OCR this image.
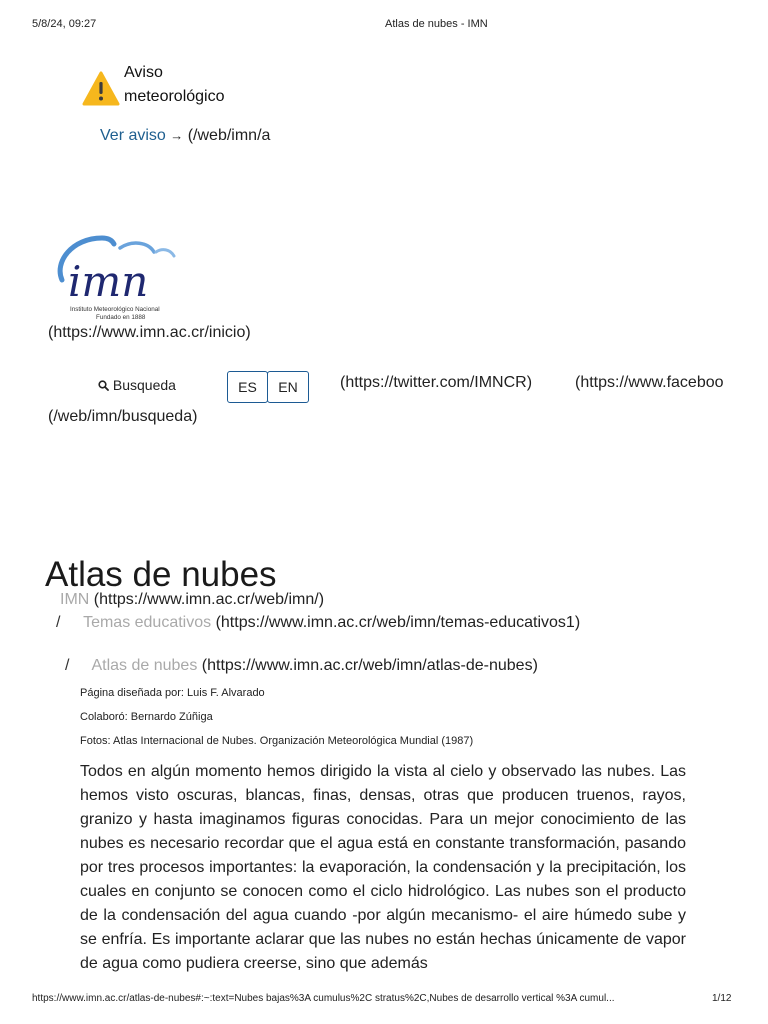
5/8/24, 09:27	Atlas de nubes - IMN
Aviso meteorológico
Ver aviso → (/web/imn/a
imn
Instituto Meteorológico Nacional
Fundado en 1888
(https://www.imn.ac.cr/inicio)
Busqueda	ES	EN	(https://twitter.com/IMNCR)	(https://www.faceboo
(/web/imn/busqueda)
Atlas de nubes
IMN (https://www.imn.ac.cr/web/imn/)
/ Temas educativos (https://www.imn.ac.cr/web/imn/temas-educativos1)
/ Atlas de nubes (https://www.imn.ac.cr/web/imn/atlas-de-nubes)
Página diseñada por: Luis F. Alvarado
Colaboró: Bernardo Zúñiga
Fotos: Atlas Internacional de Nubes. Organización Meteorológica Mundial (1987)

Todos en algún momento hemos dirigido la vista al cielo y observado las nubes. Las hemos visto oscuras, blancas, finas, densas, otras que producen truenos, rayos, granizo y hasta imaginamos figuras conocidas. Para un mejor conocimiento de las nubes es necesario recordar que el agua está en constante transformación, pasando por tres procesos importantes: la evaporación, la condensación y la precipitación, los cuales en conjunto se conocen como el ciclo hidrológico. Las nubes son el producto de la condensación del agua cuando -por algún mecanismo- el aire húmedo sube y se enfría. Es importante aclarar que las nubes no están hechas únicamente de vapor de agua como pudiera creerse, sino que además

https://www.imn.ac.cr/atlas-de-nubes#:~:text=Nubes bajas%3A cumulus%2C stratus%2C,Nubes de desarrollo vertical %3A cumul...	1/12
